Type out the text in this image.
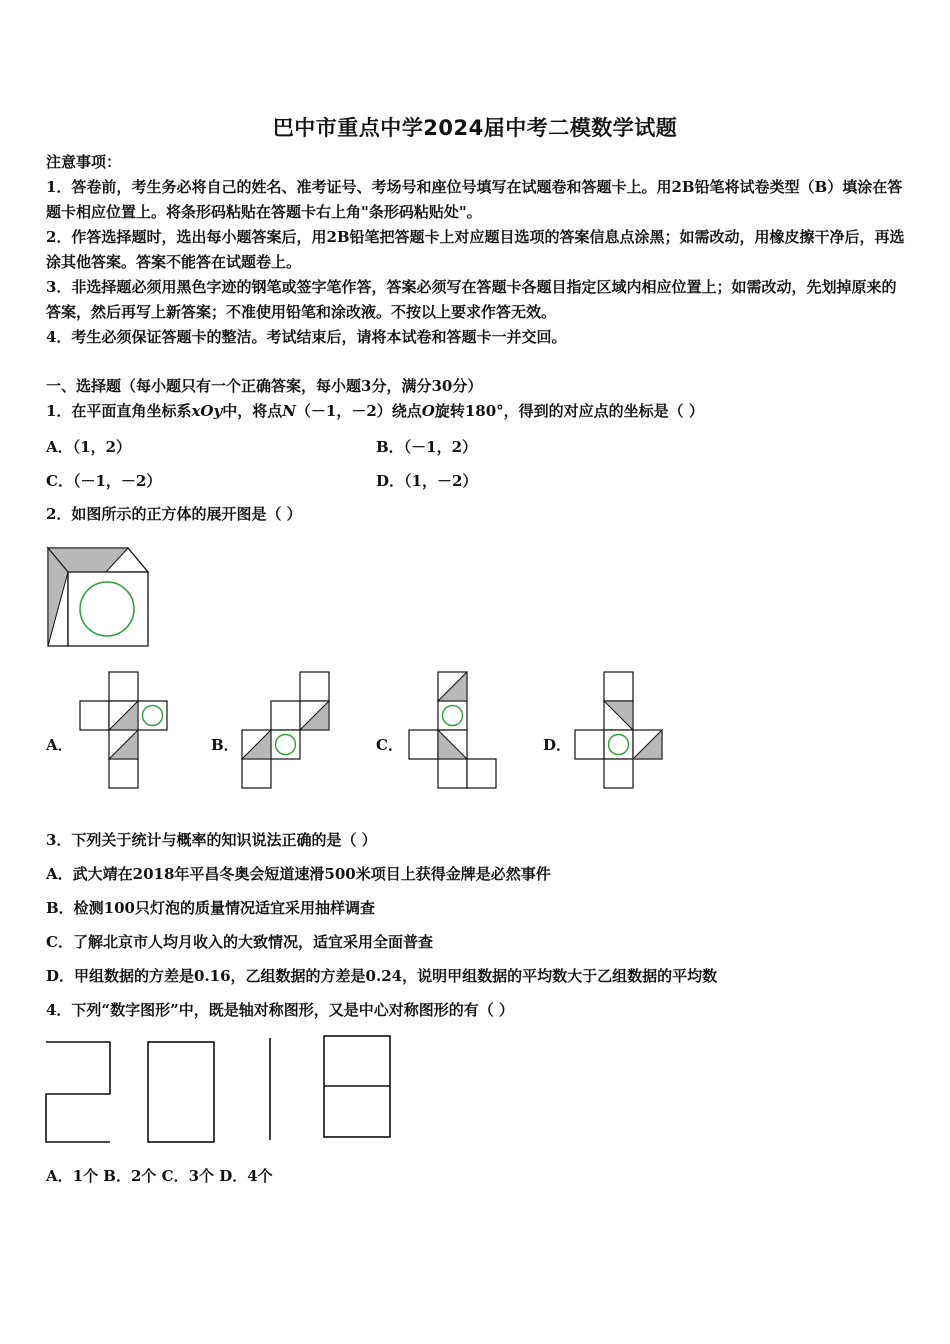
巴中市重点中学2024届中考二模数学试题
注意事项：
1．答卷前，考生务必将自己的姓名、准考证号、考场号和座位号填写在试题卷和答题卡上。用2B铅笔将试卷类型（B）填涂在答题卡相应位置上。将条形码粘贴在答题卡右上角"条形码粘贴处"。
2．作答选择题时，选出每小题答案后，用2B铅笔把答题卡上对应题目选项的答案信息点涂黑；如需改动，用橡皮擦干净后，再选涂其他答案。答案不能答在试题卷上。
3．非选择题必须用黑色字迹的钢笔或签字笔作答，答案必须写在答题卡各题目指定区域内相应位置上；如需改动，先划掉原来的答案，然后再写上新答案；不准使用铅笔和涂改液。不按以上要求作答无效。
4．考生必须保证答题卡的整洁。考试结束后，请将本试卷和答题卡一并交回。
一、选择题（每小题只有一个正确答案，每小题3分，满分30分）
1．在平面直角坐标系xOy中，将点N（－1，－2）绕点O旋转180°，得到的对应点的坐标是（ ）
A．（1，2）	B．（－1，2）
C．（－1，－2）	D．（1，－2）
2．如图所示的正方体的展开图是（ ）
A．	B．	C．	D．
3．下列关于统计与概率的知识说法正确的是（ ）
A．武大靖在2018年平昌冬奥会短道速滑500米项目上获得金牌是必然事件
B．检测100只灯泡的质量情况适宜采用抽样调查
C．了解北京市人均月收入的大致情况，适宜采用全面普查
D．甲组数据的方差是0.16，乙组数据的方差是0.24，说明甲组数据的平均数大于乙组数据的平均数
4．下列“数字图形”中，既是轴对称图形，又是中心对称图形的有（ ）
A．1个 B．2个 C．3个 D．4个
